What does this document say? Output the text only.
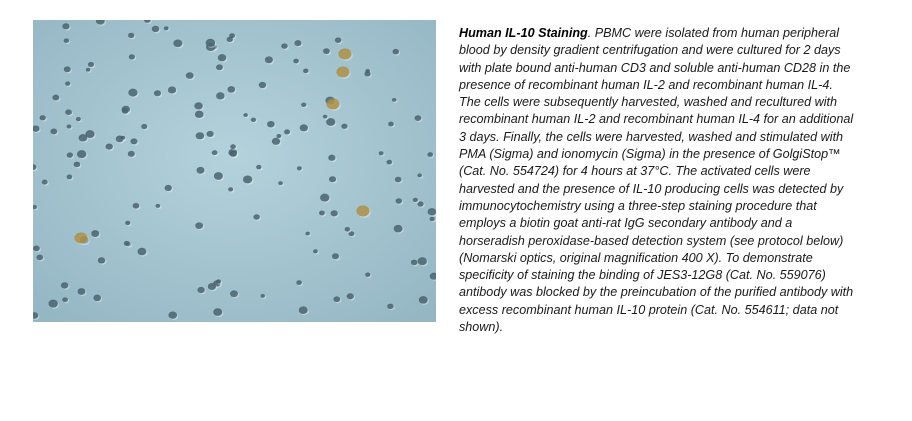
Human IL-10 Staining. PBMC were isolated from human peripheral blood by density gradient centrifugation and were cultured for 2 days with plate bound anti-human CD3 and soluble anti-human CD28 in the presence of recombinant human IL-2 and recombinant human IL-4. The cells were subsequently harvested, washed and recultured with recombinant human IL-2 and recombinant human IL-4 for an additional 3 days. Finally, the cells were harvested, washed and stimulated with PMA (Sigma) and ionomycin (Sigma) in the presence of GolgiStop™ (Cat. No. 554724) for 4 hours at 37°C. The activated cells were harvested and the presence of IL-10 producing cells was detected by immunocytochemistry using a three-step staining procedure that employs a biotin goat anti-rat IgG secondary antibody and a horseradish peroxidase-based detection system (see protocol below) (Nomarski optics, original magnification 400 X). To demonstrate specificity of staining the binding of JES3-12G8 (Cat. No. 559076) antibody was blocked by the preincubation of the purified antibody with excess recombinant human IL-10 protein (Cat. No. 554611; data not shown).
